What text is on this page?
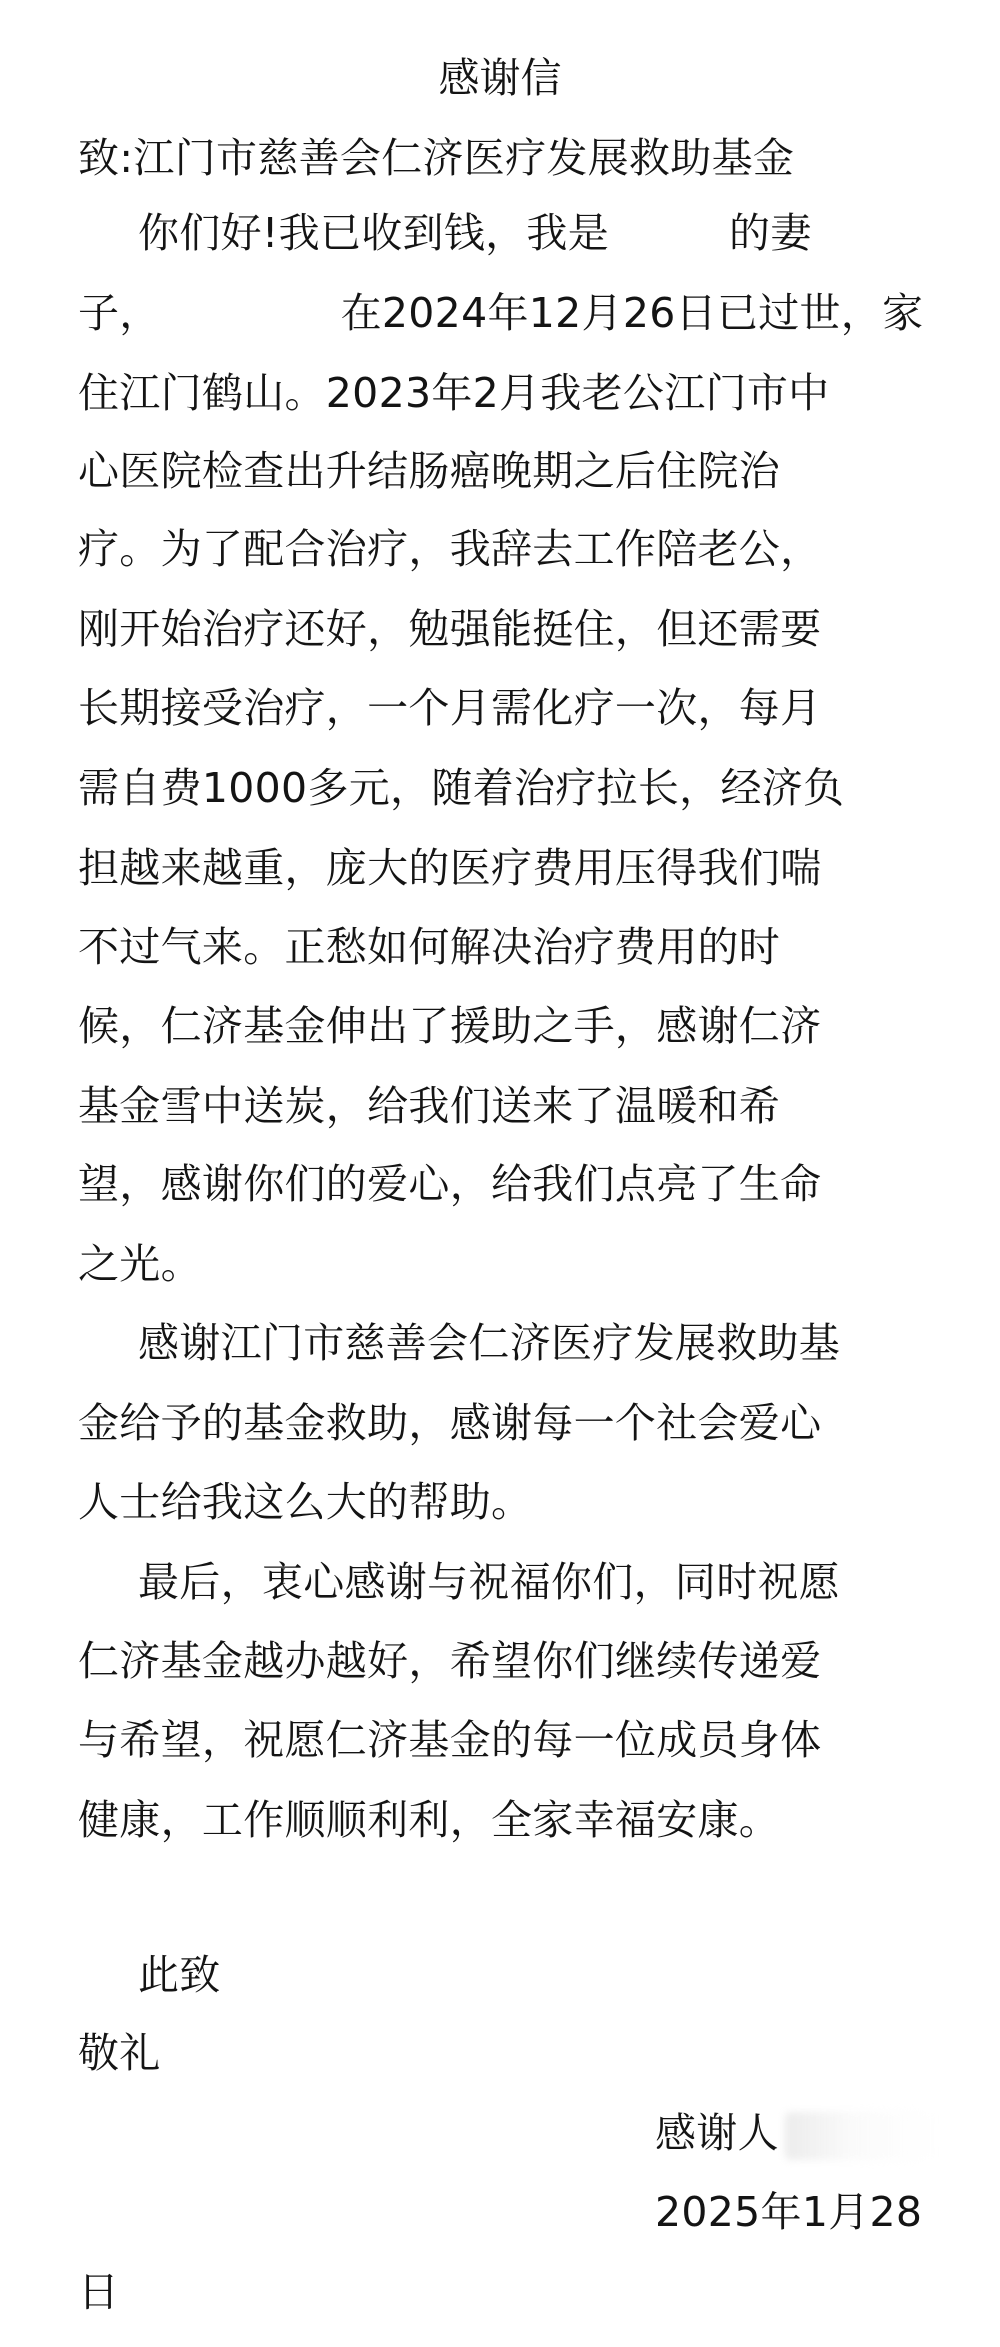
感谢信
致:江门市慈善会仁济医疗发展救助基金
你们好!我已收到钱，我是	的妻
子，	在2024年12月26日已过世，家
住江门鹤山。2023年2月我老公江门市中
心医院检查出升结肠癌晚期之后住院治
疗。为了配合治疗，我辞去工作陪老公，
刚开始治疗还好，勉强能挺住，但还需要
长期接受治疗，一个月需化疗一次，每月
需自费1000多元，随着治疗拉长，经济负
担越来越重，庞大的医疗费用压得我们喘
不过气来。正愁如何解决治疗费用的时
候，仁济基金伸出了援助之手，感谢仁济
基金雪中送炭，给我们送来了温暖和希
望，感谢你们的爱心，给我们点亮了生命
之光。
感谢江门市慈善会仁济医疗发展救助基
金给予的基金救助，感谢每一个社会爱心
人士给我这么大的帮助。
最后，衷心感谢与祝福你们，同时祝愿
仁济基金越办越好，希望你们继续传递爱
与希望，祝愿仁济基金的每一位成员身体
健康，工作顺顺利利，全家幸福安康。
此致
敬礼
感谢人
2025年1月28
日
